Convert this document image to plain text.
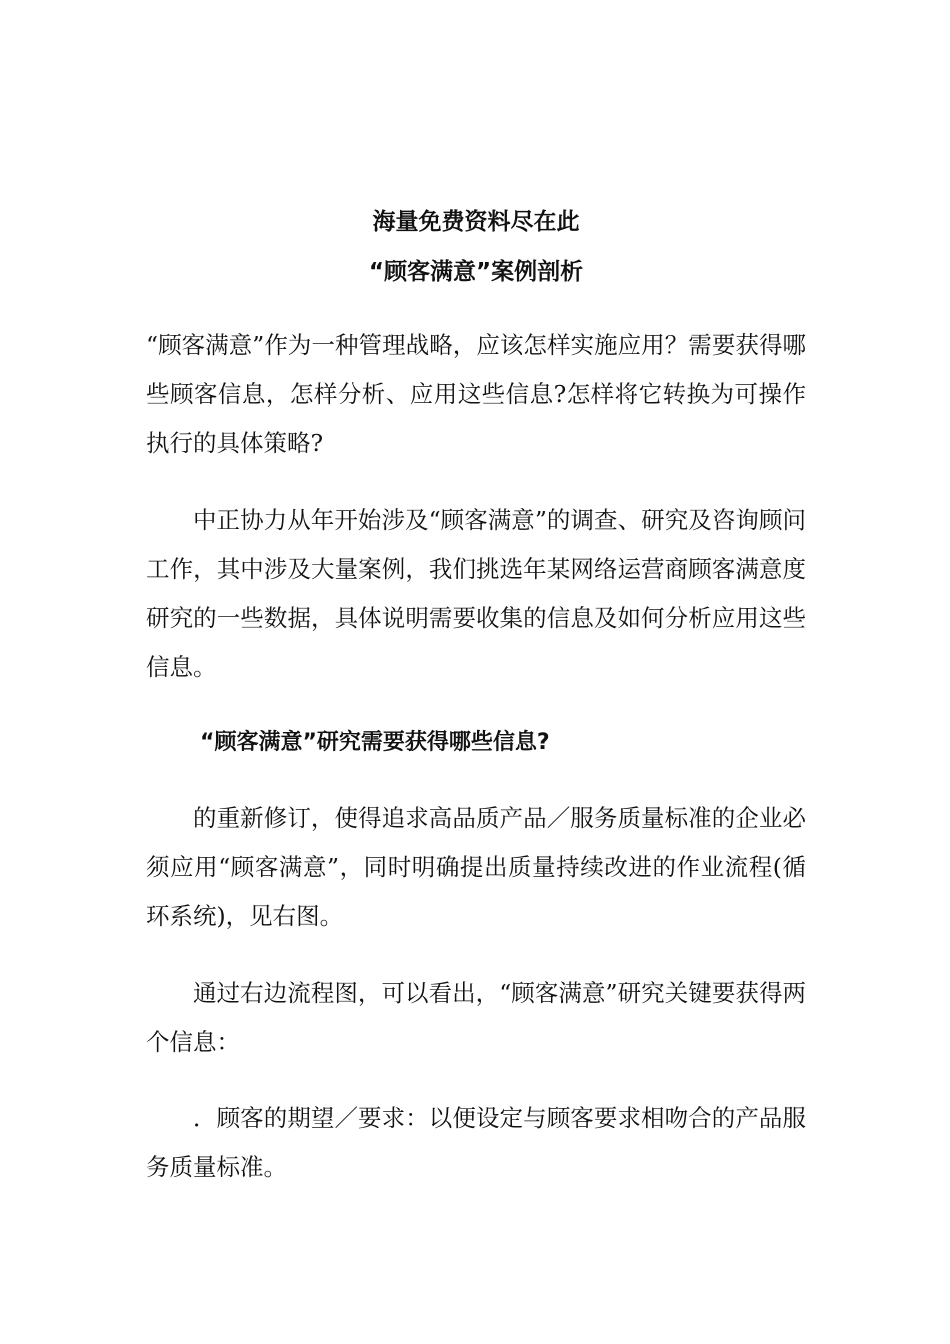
海量免费资料尽在此

“顾客满意”案例剖析

“顾客满意”作为一种管理战略，应该怎样实施应用？需要获得哪些顾客信息，怎样分析、应用这些信息?怎样将它转换为可操作执行的具体策略?

中正协力从年开始涉及“顾客满意”的调查、研究及咨询顾问工作，其中涉及大量案例，我们挑选年某网络运营商顾客满意度研究的一些数据，具体说明需要收集的信息及如何分析应用这些信息。

“顾客满意”研究需要获得哪些信息?

的重新修订，使得追求高品质产品／服务质量标准的企业必须应用“顾客满意”，同时明确提出质量持续改进的作业流程(循环系统)，见右图。

通过右边流程图，可以看出，“顾客满意”研究关键要获得两个信息：

．顾客的期望／要求：以便设定与顾客要求相吻合的产品服务质量标准。
